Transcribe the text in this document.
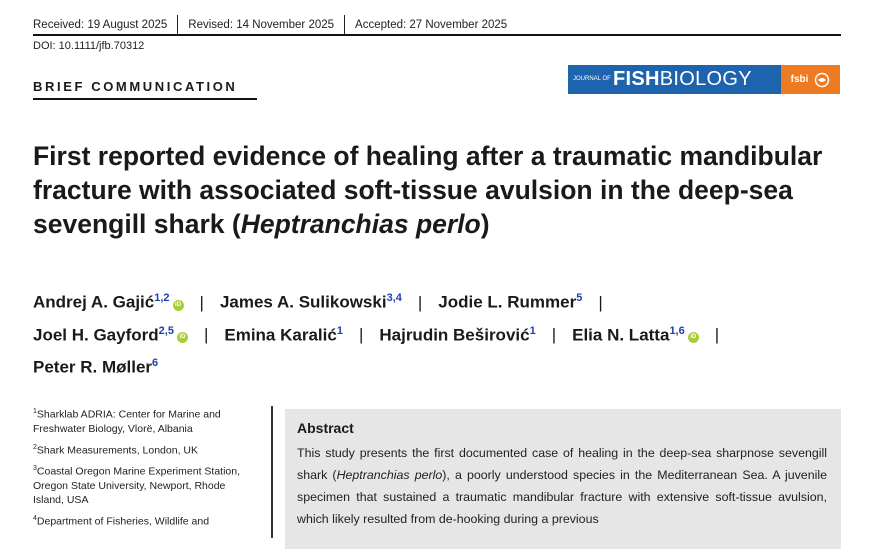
Received: 19 August 2025 Revised: 14 November 2025 Accepted: 27 November 2025
DOI: 10.1111/jfb.70312
BRIEF COMMUNICATION	JOURNAL OF FISH BIOLOGY	fsbi
First reported evidence of healing after a traumatic mandibular fracture with associated soft-tissue avulsion in the deep-sea sevengill shark (Heptranchias perlo)
Andrej A. Gajić$^{1,2}$iD | James A. Sulikowski$^{3,4}$ | Jodie L. Rummer$^5$ |
Joel H. Gayford$^{2,5}$iD | Emina Karalić$^1$ | Hajrudin Beširović$^1$ | Elia N. Latta$^{1,6}$iD |
Peter R. Møller$^6$
$^1$Sharklab ADRIA: Center for Marine and Freshwater Biology, Vlorë, Albania
$^2$Shark Measurements, London, UK
$^3$Coastal Oregon Marine Experiment Station, Oregon State University, Newport, Rhode Island, USA
$^4$Department of Fisheries, Wildlife and
Abstract
This study presents the first documented case of healing in the deep-sea sharpnose sevengill shark (Heptranchias perlo), a poorly understood species in the Mediterranean Sea. A juvenile specimen that sustained a traumatic mandibular fracture with extensive soft-tissue avulsion, which likely resulted from de-hooking during a previous
